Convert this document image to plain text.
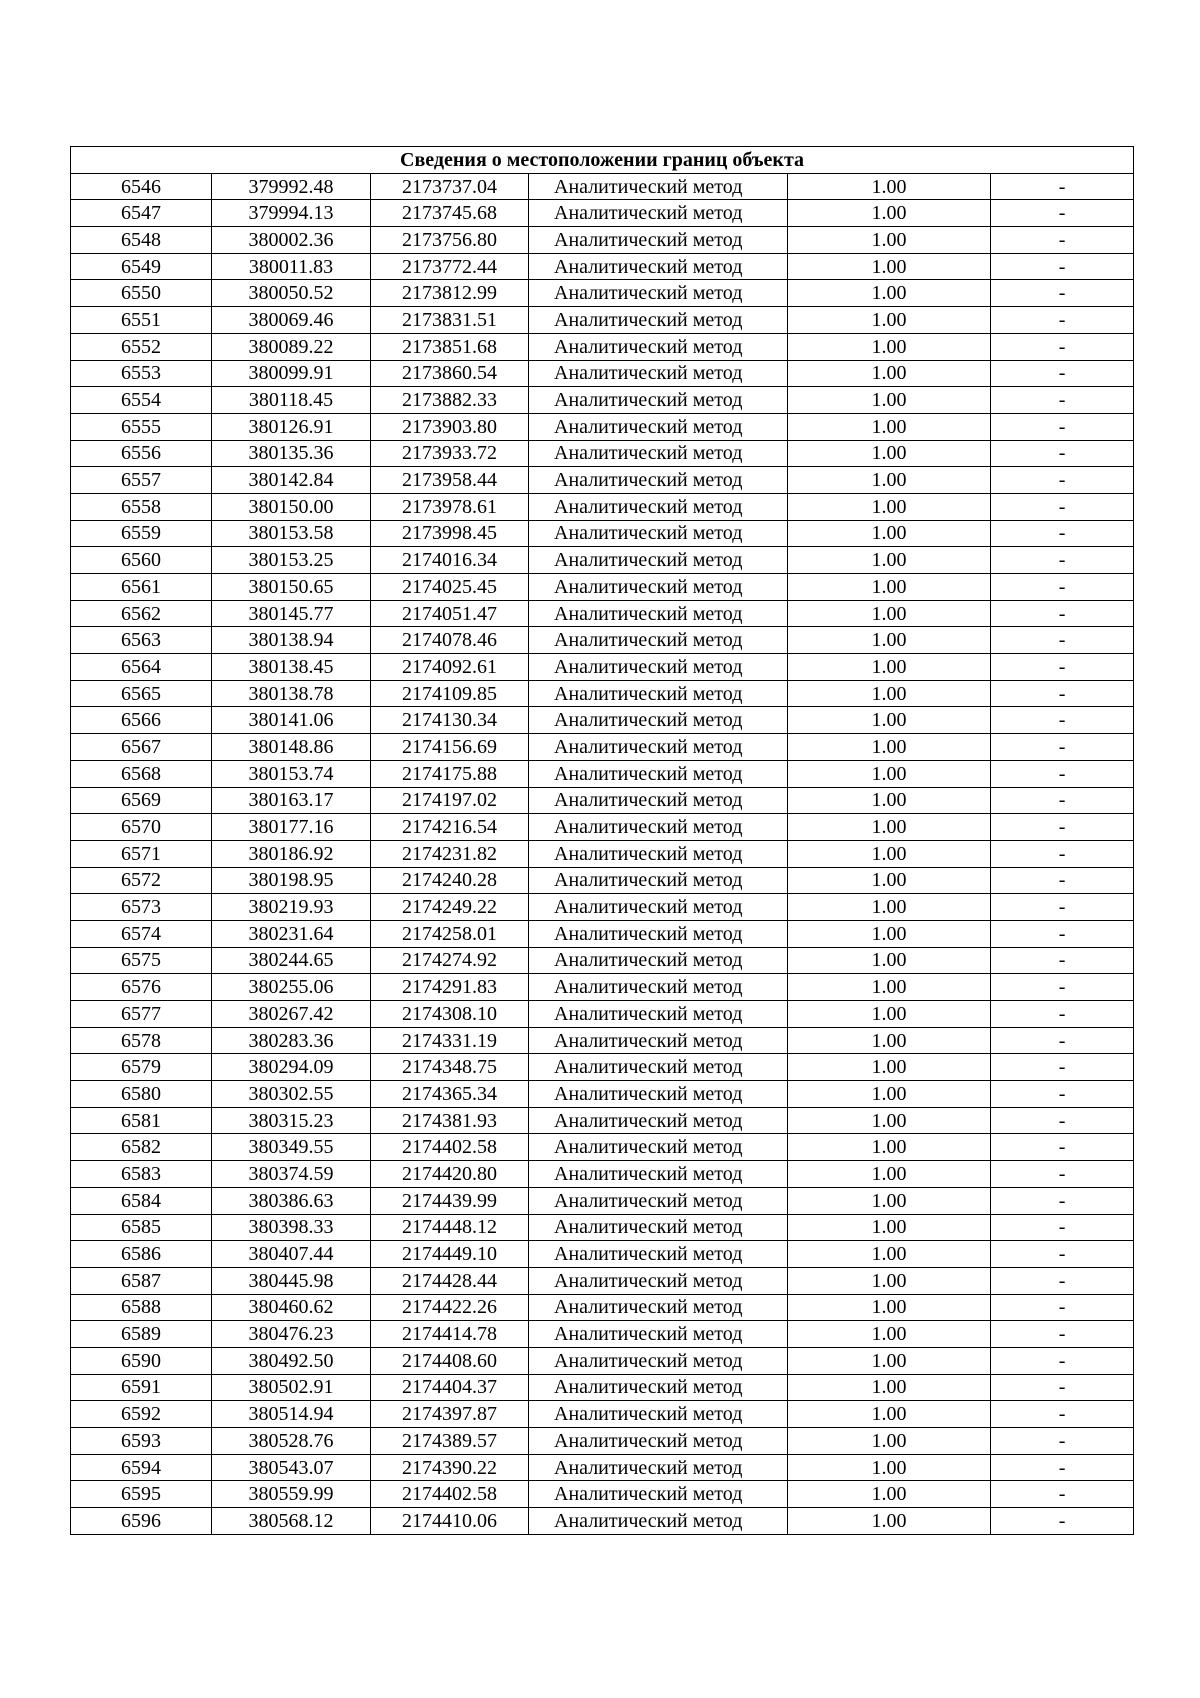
Сведения о местоположении границ объекта					
6546	379992.48	2173737.04	Аналитический метод	1.00	-
6547	379994.13	2173745.68	Аналитический метод	1.00	-
6548	380002.36	2173756.80	Аналитический метод	1.00	-
6549	380011.83	2173772.44	Аналитический метод	1.00	-
6550	380050.52	2173812.99	Аналитический метод	1.00	-
6551	380069.46	2173831.51	Аналитический метод	1.00	-
6552	380089.22	2173851.68	Аналитический метод	1.00	-
6553	380099.91	2173860.54	Аналитический метод	1.00	-
6554	380118.45	2173882.33	Аналитический метод	1.00	-
6555	380126.91	2173903.80	Аналитический метод	1.00	-
6556	380135.36	2173933.72	Аналитический метод	1.00	-
6557	380142.84	2173958.44	Аналитический метод	1.00	-
6558	380150.00	2173978.61	Аналитический метод	1.00	-
6559	380153.58	2173998.45	Аналитический метод	1.00	-
6560	380153.25	2174016.34	Аналитический метод	1.00	-
6561	380150.65	2174025.45	Аналитический метод	1.00	-
6562	380145.77	2174051.47	Аналитический метод	1.00	-
6563	380138.94	2174078.46	Аналитический метод	1.00	-
6564	380138.45	2174092.61	Аналитический метод	1.00	-
6565	380138.78	2174109.85	Аналитический метод	1.00	-
6566	380141.06	2174130.34	Аналитический метод	1.00	-
6567	380148.86	2174156.69	Аналитический метод	1.00	-
6568	380153.74	2174175.88	Аналитический метод	1.00	-
6569	380163.17	2174197.02	Аналитический метод	1.00	-
6570	380177.16	2174216.54	Аналитический метод	1.00	-
6571	380186.92	2174231.82	Аналитический метод	1.00	-
6572	380198.95	2174240.28	Аналитический метод	1.00	-
6573	380219.93	2174249.22	Аналитический метод	1.00	-
6574	380231.64	2174258.01	Аналитический метод	1.00	-
6575	380244.65	2174274.92	Аналитический метод	1.00	-
6576	380255.06	2174291.83	Аналитический метод	1.00	-
6577	380267.42	2174308.10	Аналитический метод	1.00	-
6578	380283.36	2174331.19	Аналитический метод	1.00	-
6579	380294.09	2174348.75	Аналитический метод	1.00	-
6580	380302.55	2174365.34	Аналитический метод	1.00	-
6581	380315.23	2174381.93	Аналитический метод	1.00	-
6582	380349.55	2174402.58	Аналитический метод	1.00	-
6583	380374.59	2174420.80	Аналитический метод	1.00	-
6584	380386.63	2174439.99	Аналитический метод	1.00	-
6585	380398.33	2174448.12	Аналитический метод	1.00	-
6586	380407.44	2174449.10	Аналитический метод	1.00	-
6587	380445.98	2174428.44	Аналитический метод	1.00	-
6588	380460.62	2174422.26	Аналитический метод	1.00	-
6589	380476.23	2174414.78	Аналитический метод	1.00	-
6590	380492.50	2174408.60	Аналитический метод	1.00	-
6591	380502.91	2174404.37	Аналитический метод	1.00	-
6592	380514.94	2174397.87	Аналитический метод	1.00	-
6593	380528.76	2174389.57	Аналитический метод	1.00	-
6594	380543.07	2174390.22	Аналитический метод	1.00	-
6595	380559.99	2174402.58	Аналитический метод	1.00	-
6596	380568.12	2174410.06	Аналитический метод	1.00	-
